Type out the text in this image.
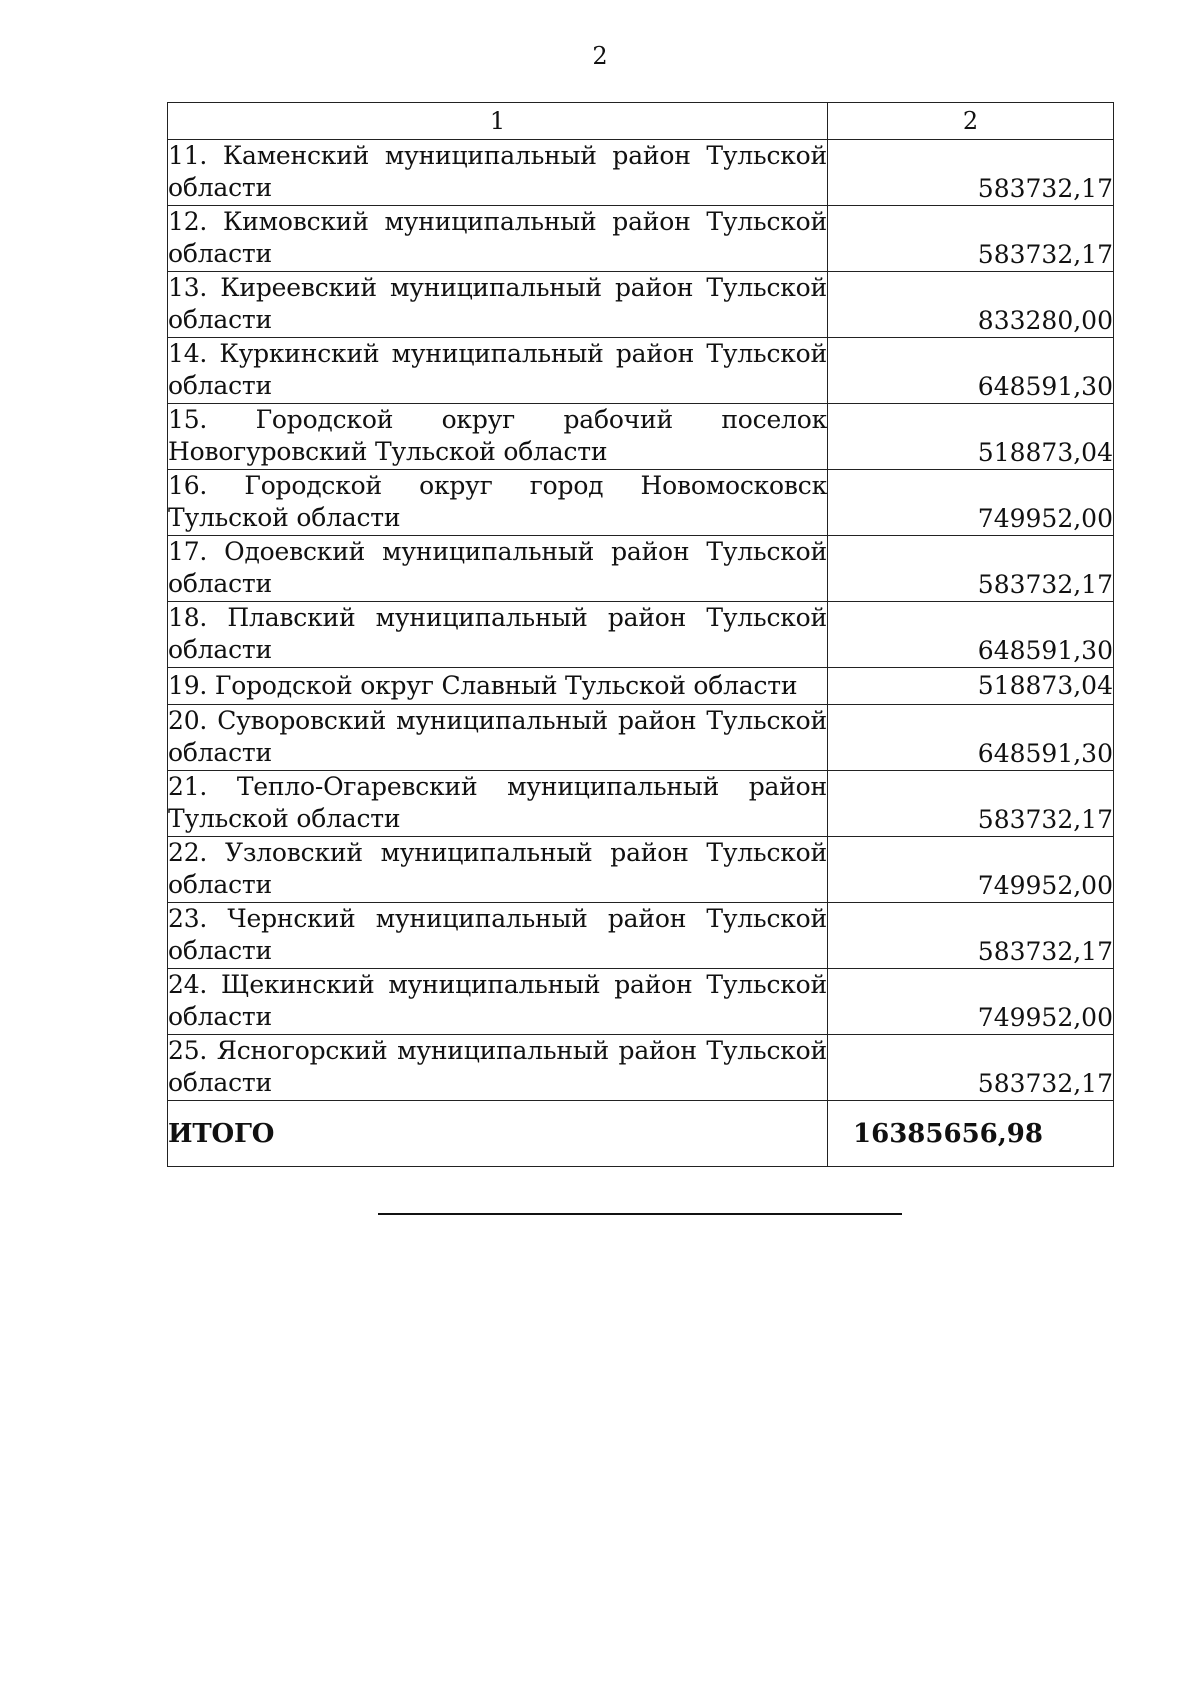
2
1	2
11. Каменский муниципальный район Тульской области	583732,17
12. Кимовский муниципальный район Тульской области	583732,17
13. Киреевский муниципальный район Тульской области	833280,00
14. Куркинский муниципальный район Тульской области	648591,30
15. Городской округ рабочий поселок Новогуровский Тульской области	518873,04
16. Городской округ город Новомосковск Тульской области	749952,00
17. Одоевский муниципальный район Тульской области	583732,17
18. Плавский муниципальный район Тульской области	648591,30
19. Городской округ Славный Тульской области	518873,04
20. Суворовский муниципальный район Тульской области	648591,30
21. Тепло-Огаревский муниципальный район Тульской области	583732,17
22. Узловский муниципальный район Тульской области	749952,00
23. Чернский муниципальный район Тульской области	583732,17
24. Щекинский муниципальный район Тульской области	749952,00
25. Ясногорский муниципальный район Тульской области	583732,17
ИТОГО	16385656,98
